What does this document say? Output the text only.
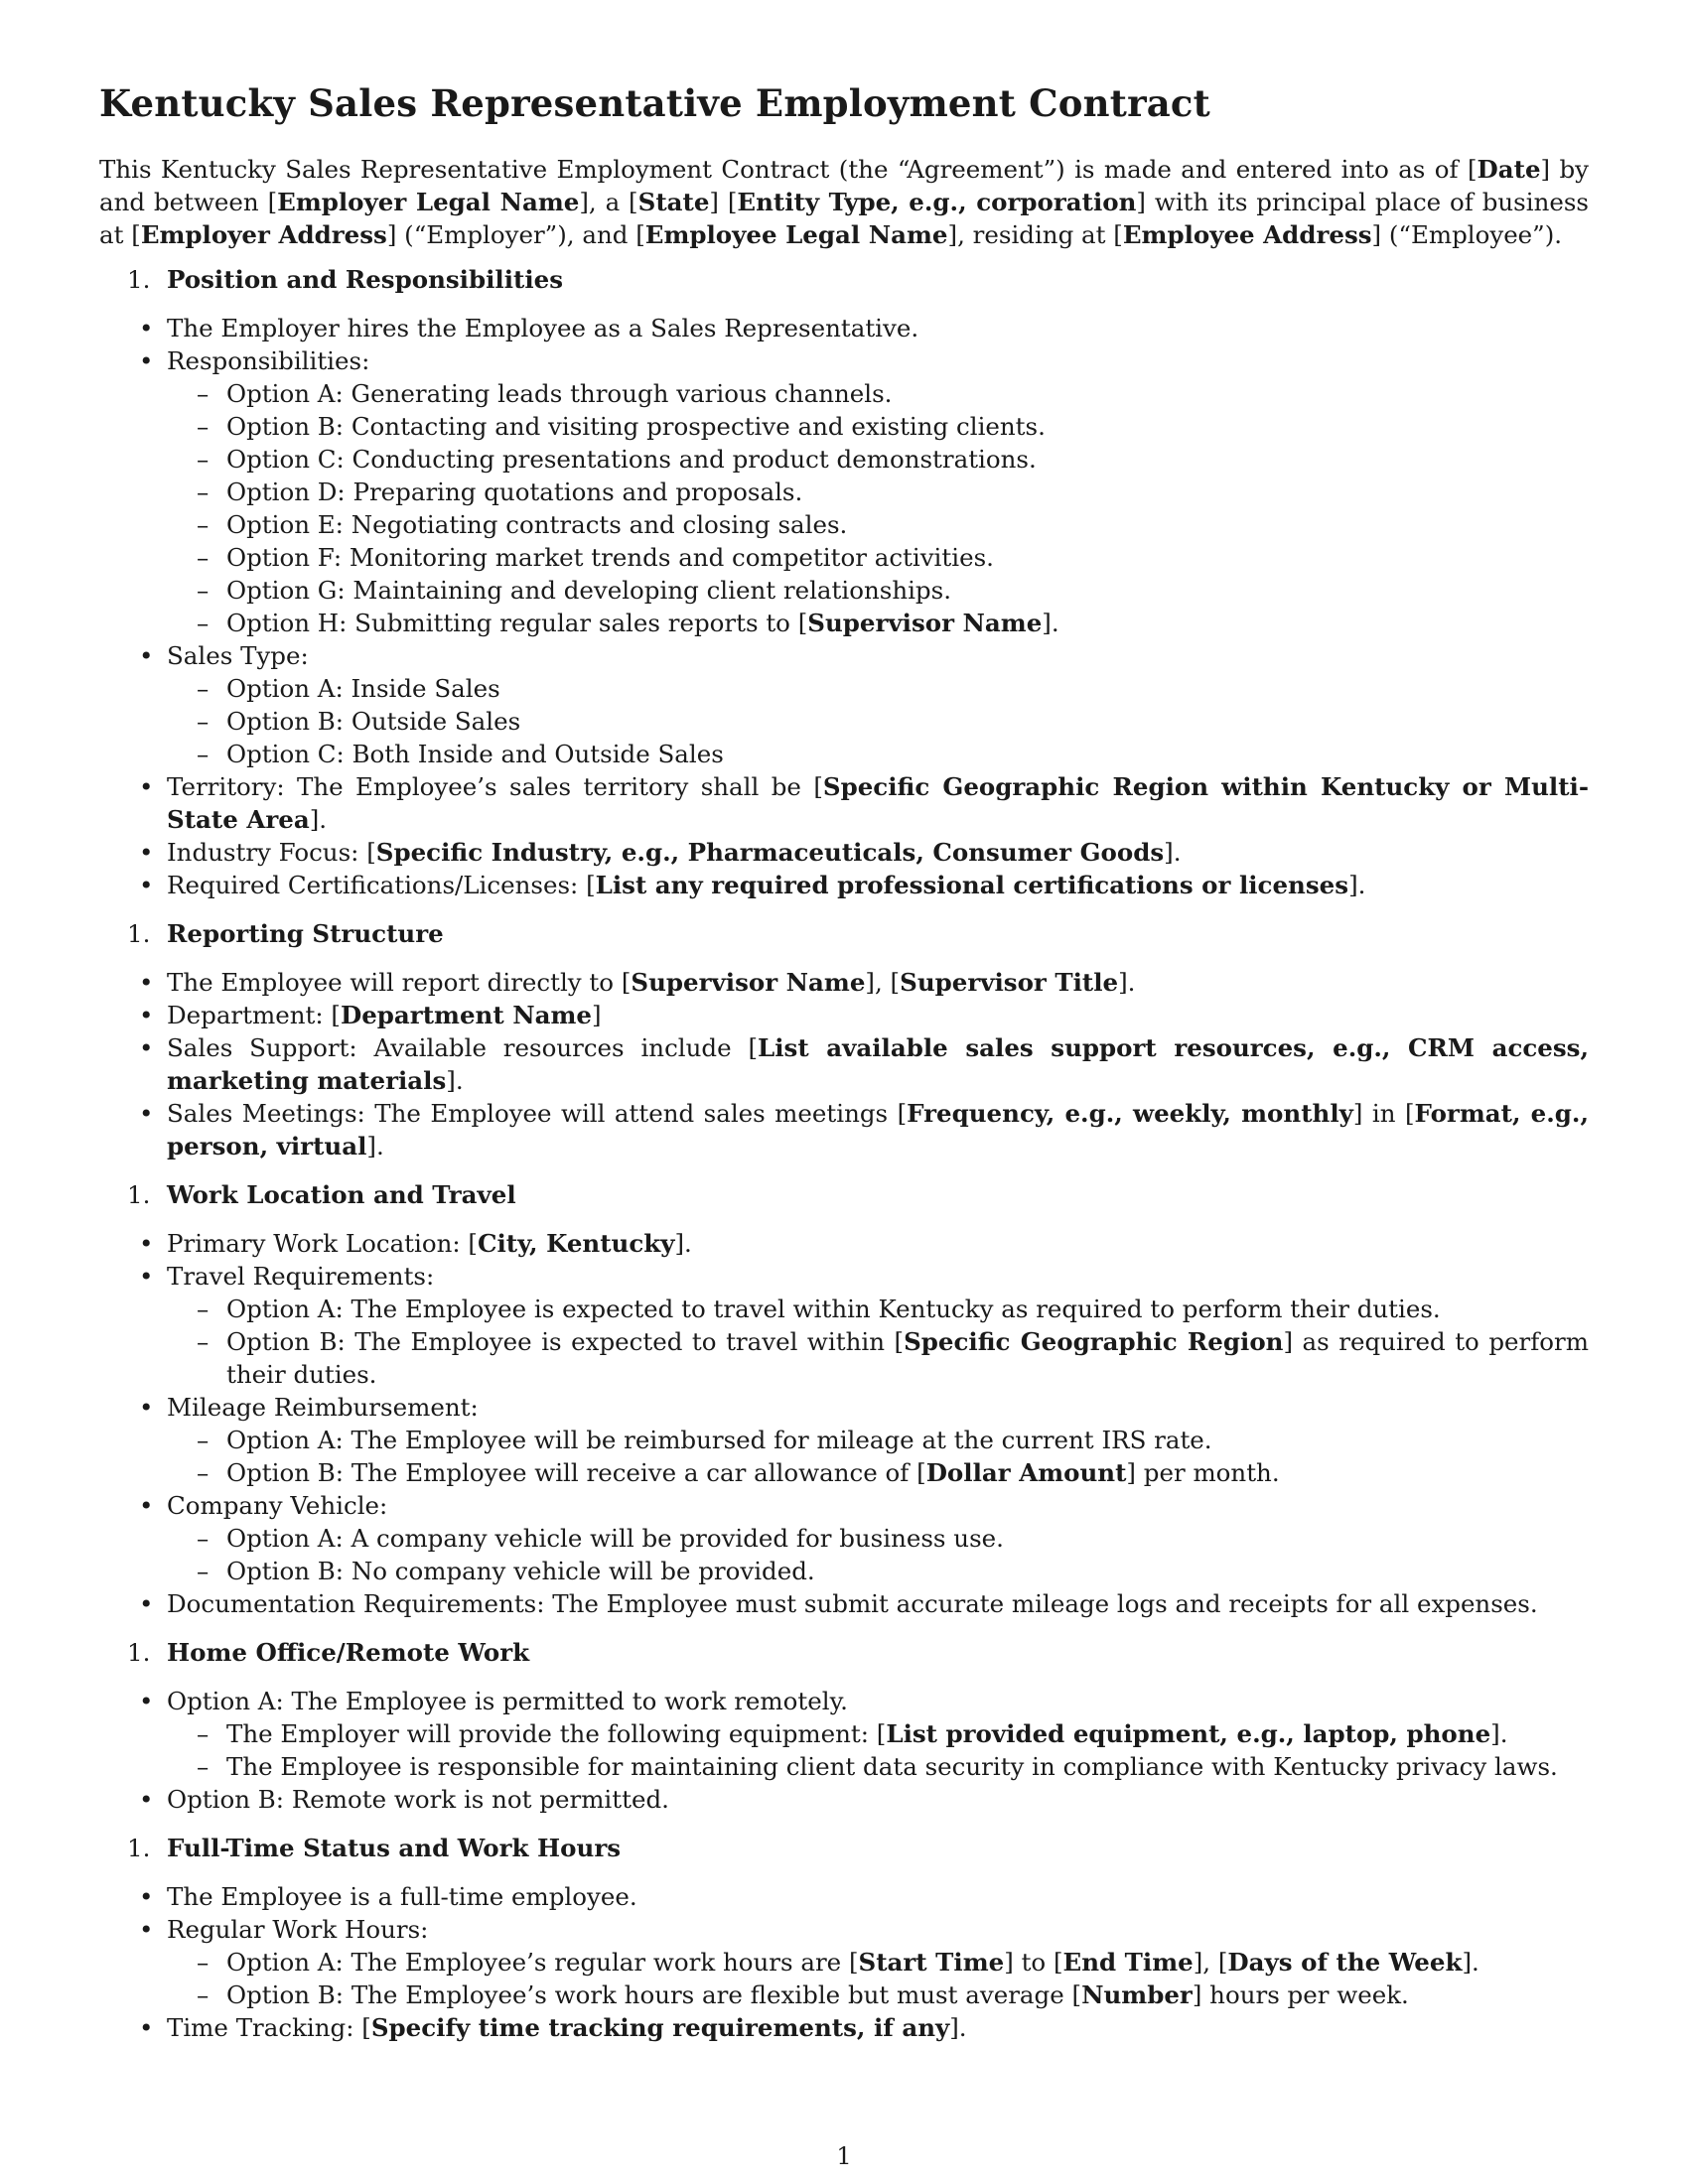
Kentucky Sales Representative Employment Contract

This Kentucky Sales Representative Employment Contract (the “Agreement”) is made and entered into as of [Date] by and between [Employer Legal Name], a [State] [Entity Type, e.g., corporation] with its principal place of business at [Employer Address] (“Employer”), and [Employee Legal Name], residing at [Employee Address] (“Employee”).

1. Position and Responsibilities
• The Employer hires the Employee as a Sales Representative.
• Responsibilities:
– Option A: Generating leads through various channels.
– Option B: Contacting and visiting prospective and existing clients.
– Option C: Conducting presentations and product demonstrations.
– Option D: Preparing quotations and proposals.
– Option E: Negotiating contracts and closing sales.
– Option F: Monitoring market trends and competitor activities.
– Option G: Maintaining and developing client relationships.
– Option H: Submitting regular sales reports to [Supervisor Name].
• Sales Type:
– Option A: Inside Sales
– Option B: Outside Sales
– Option C: Both Inside and Outside Sales
• Territory: The Employee’s sales territory shall be [Specific Geographic Region within Kentucky or Multi-State Area].
• Industry Focus: [Specific Industry, e.g., Pharmaceuticals, Consumer Goods].
• Required Certifications/Licenses: [List any required professional certifications or licenses].
1. Reporting Structure
• The Employee will report directly to [Supervisor Name], [Supervisor Title].
• Department: [Department Name]
• Sales Support: Available resources include [List available sales support resources, e.g., CRM access, marketing materials].
• Sales Meetings: The Employee will attend sales meetings [Frequency, e.g., weekly, monthly] in [Format, e.g., person, virtual].
1. Work Location and Travel
• Primary Work Location: [City, Kentucky].
• Travel Requirements:
– Option A: The Employee is expected to travel within Kentucky as required to perform their duties.
– Option B: The Employee is expected to travel within [Specific Geographic Region] as required to perform their duties.
• Mileage Reimbursement:
– Option A: The Employee will be reimbursed for mileage at the current IRS rate.
– Option B: The Employee will receive a car allowance of [Dollar Amount] per month.
• Company Vehicle:
– Option A: A company vehicle will be provided for business use.
– Option B: No company vehicle will be provided.
• Documentation Requirements: The Employee must submit accurate mileage logs and receipts for all expenses.
1. Home Office/Remote Work
• Option A: The Employee is permitted to work remotely.
– The Employer will provide the following equipment: [List provided equipment, e.g., laptop, phone].
– The Employee is responsible for maintaining client data security in compliance with Kentucky privacy laws.
• Option B: Remote work is not permitted.
1. Full-Time Status and Work Hours
• The Employee is a full-time employee.
• Regular Work Hours:
– Option A: The Employee’s regular work hours are [Start Time] to [End Time], [Days of the Week].
– Option B: The Employee’s work hours are flexible but must average [Number] hours per week.
• Time Tracking: [Specify time tracking requirements, if any].
1
